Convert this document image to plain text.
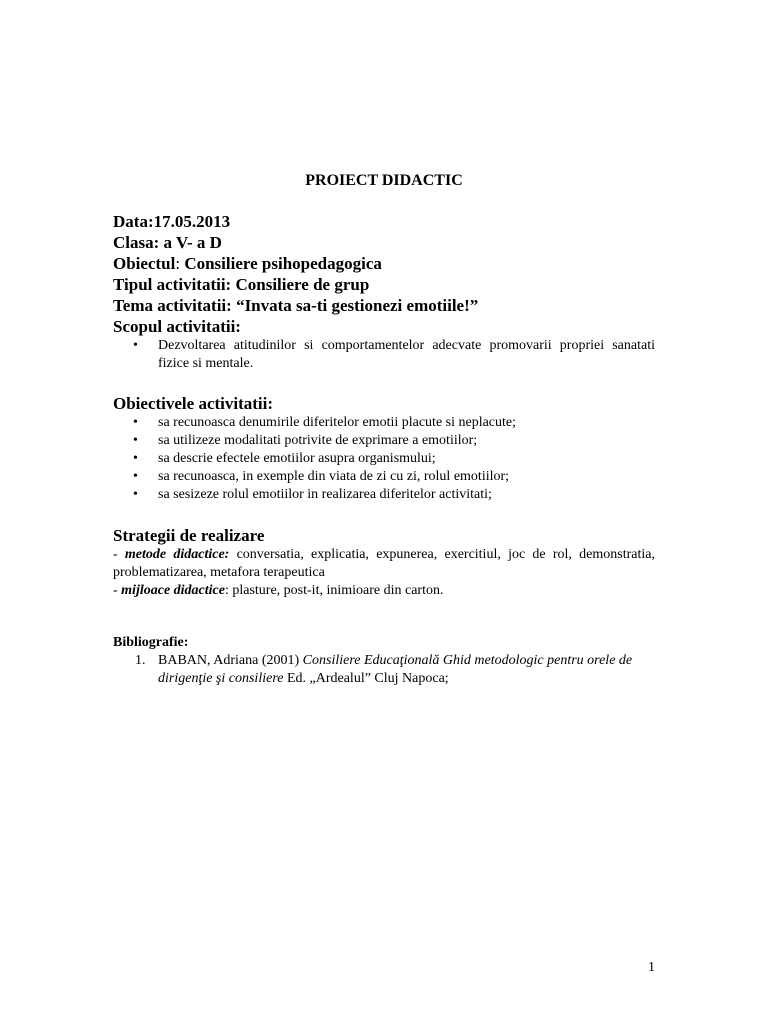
PROIECT DIDACTIC
Data:17.05.2013
Clasa: a V- a D
Obiectul: Consiliere psihopedagogica
Tipul activitatii: Consiliere de grup
Tema activitatii: “Invata sa-ti gestionezi emotiile!”
Scopul activitatii:
• Dezvoltarea atitudinilor si comportamentelor adecvate promovarii propriei sanatati fizice si mentale.
Obiectivele activitatii:
• sa recunoasca denumirile diferitelor emotii placute si neplacute;
• sa utilizeze modalitati potrivite de exprimare a emotiilor;
• sa descrie efectele emotiilor asupra organismului;
• sa recunoasca, in exemple din viata de zi cu zi, rolul emotiilor;
• sa sesizeze rolul emotiilor in realizarea diferitelor activitati;
Strategii de realizare
- metode didactice: conversatia, explicatia, expunerea, exercitiul, joc de rol, demonstratia, problematizarea, metafora terapeutica
- mijloace didactice: plasture, post-it, inimioare din carton.
Bibliografie:
1. BABAN, Adriana (2001) Consiliere Educaţională Ghid metodologic pentru orele de dirigenţie şi consiliere Ed. „Ardealul” Cluj Napoca;
1
